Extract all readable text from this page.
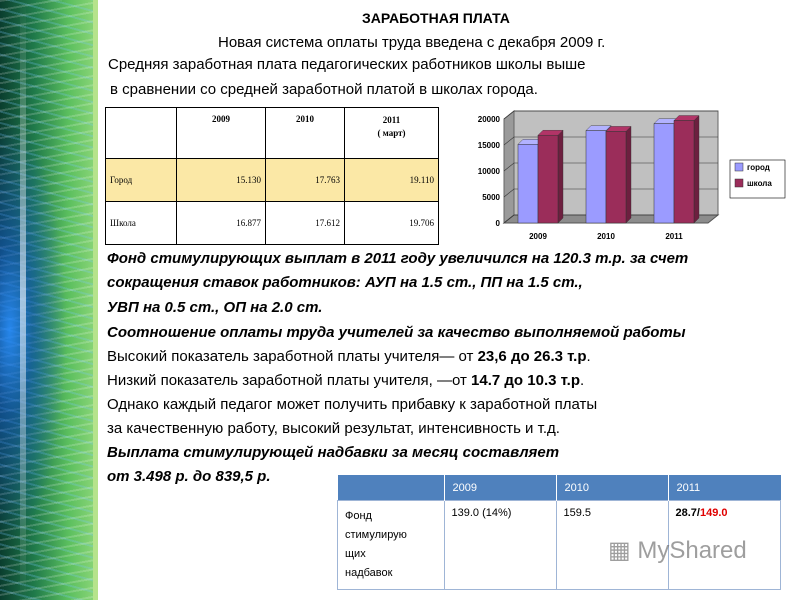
ЗАРАБОТНАЯ ПЛАТА
Новая система оплаты труда введена с декабря 2009 г.
Средняя заработная плата педагогических работников школы выше
в сравнении со средней заработной платой в школах города.
	2009	2010	2011
( март)
Город	15.130	17.763	19.110
Школа	16.877	17.612	19.706	0
5000
10000
15000
20000
2009	2010	2011
город
школа
Фонд стимулирующих выплат в 2011 году увеличился на 120.3 т.р. за счет
сокращения ставок работников: АУП на 1.5 ст., ПП на 1.5 ст.,
УВП на 0.5 ст., ОП на 2.0 ст.
Соотношение оплаты труда учителей за качество выполняемой работы
Высокий показатель заработной платы учителя— от 23,6 до 26.3 т.р.
Низкий показатель заработной платы учителя, —от 14.7 до 10.3 т.р.
Однако каждый педагог может получить прибавку к заработной платы
за качественную работу, высокий результат, интенсивность и т.д.
Выплата стимулирующей надбавки за месяц составляет
от 3.498 р. до 839,5 р.
	2009	2010	2011

Фонд
стимулирую
щих
надбавок	139.0 (14%)	159.5	28.7/149.0
▦ MyShared
